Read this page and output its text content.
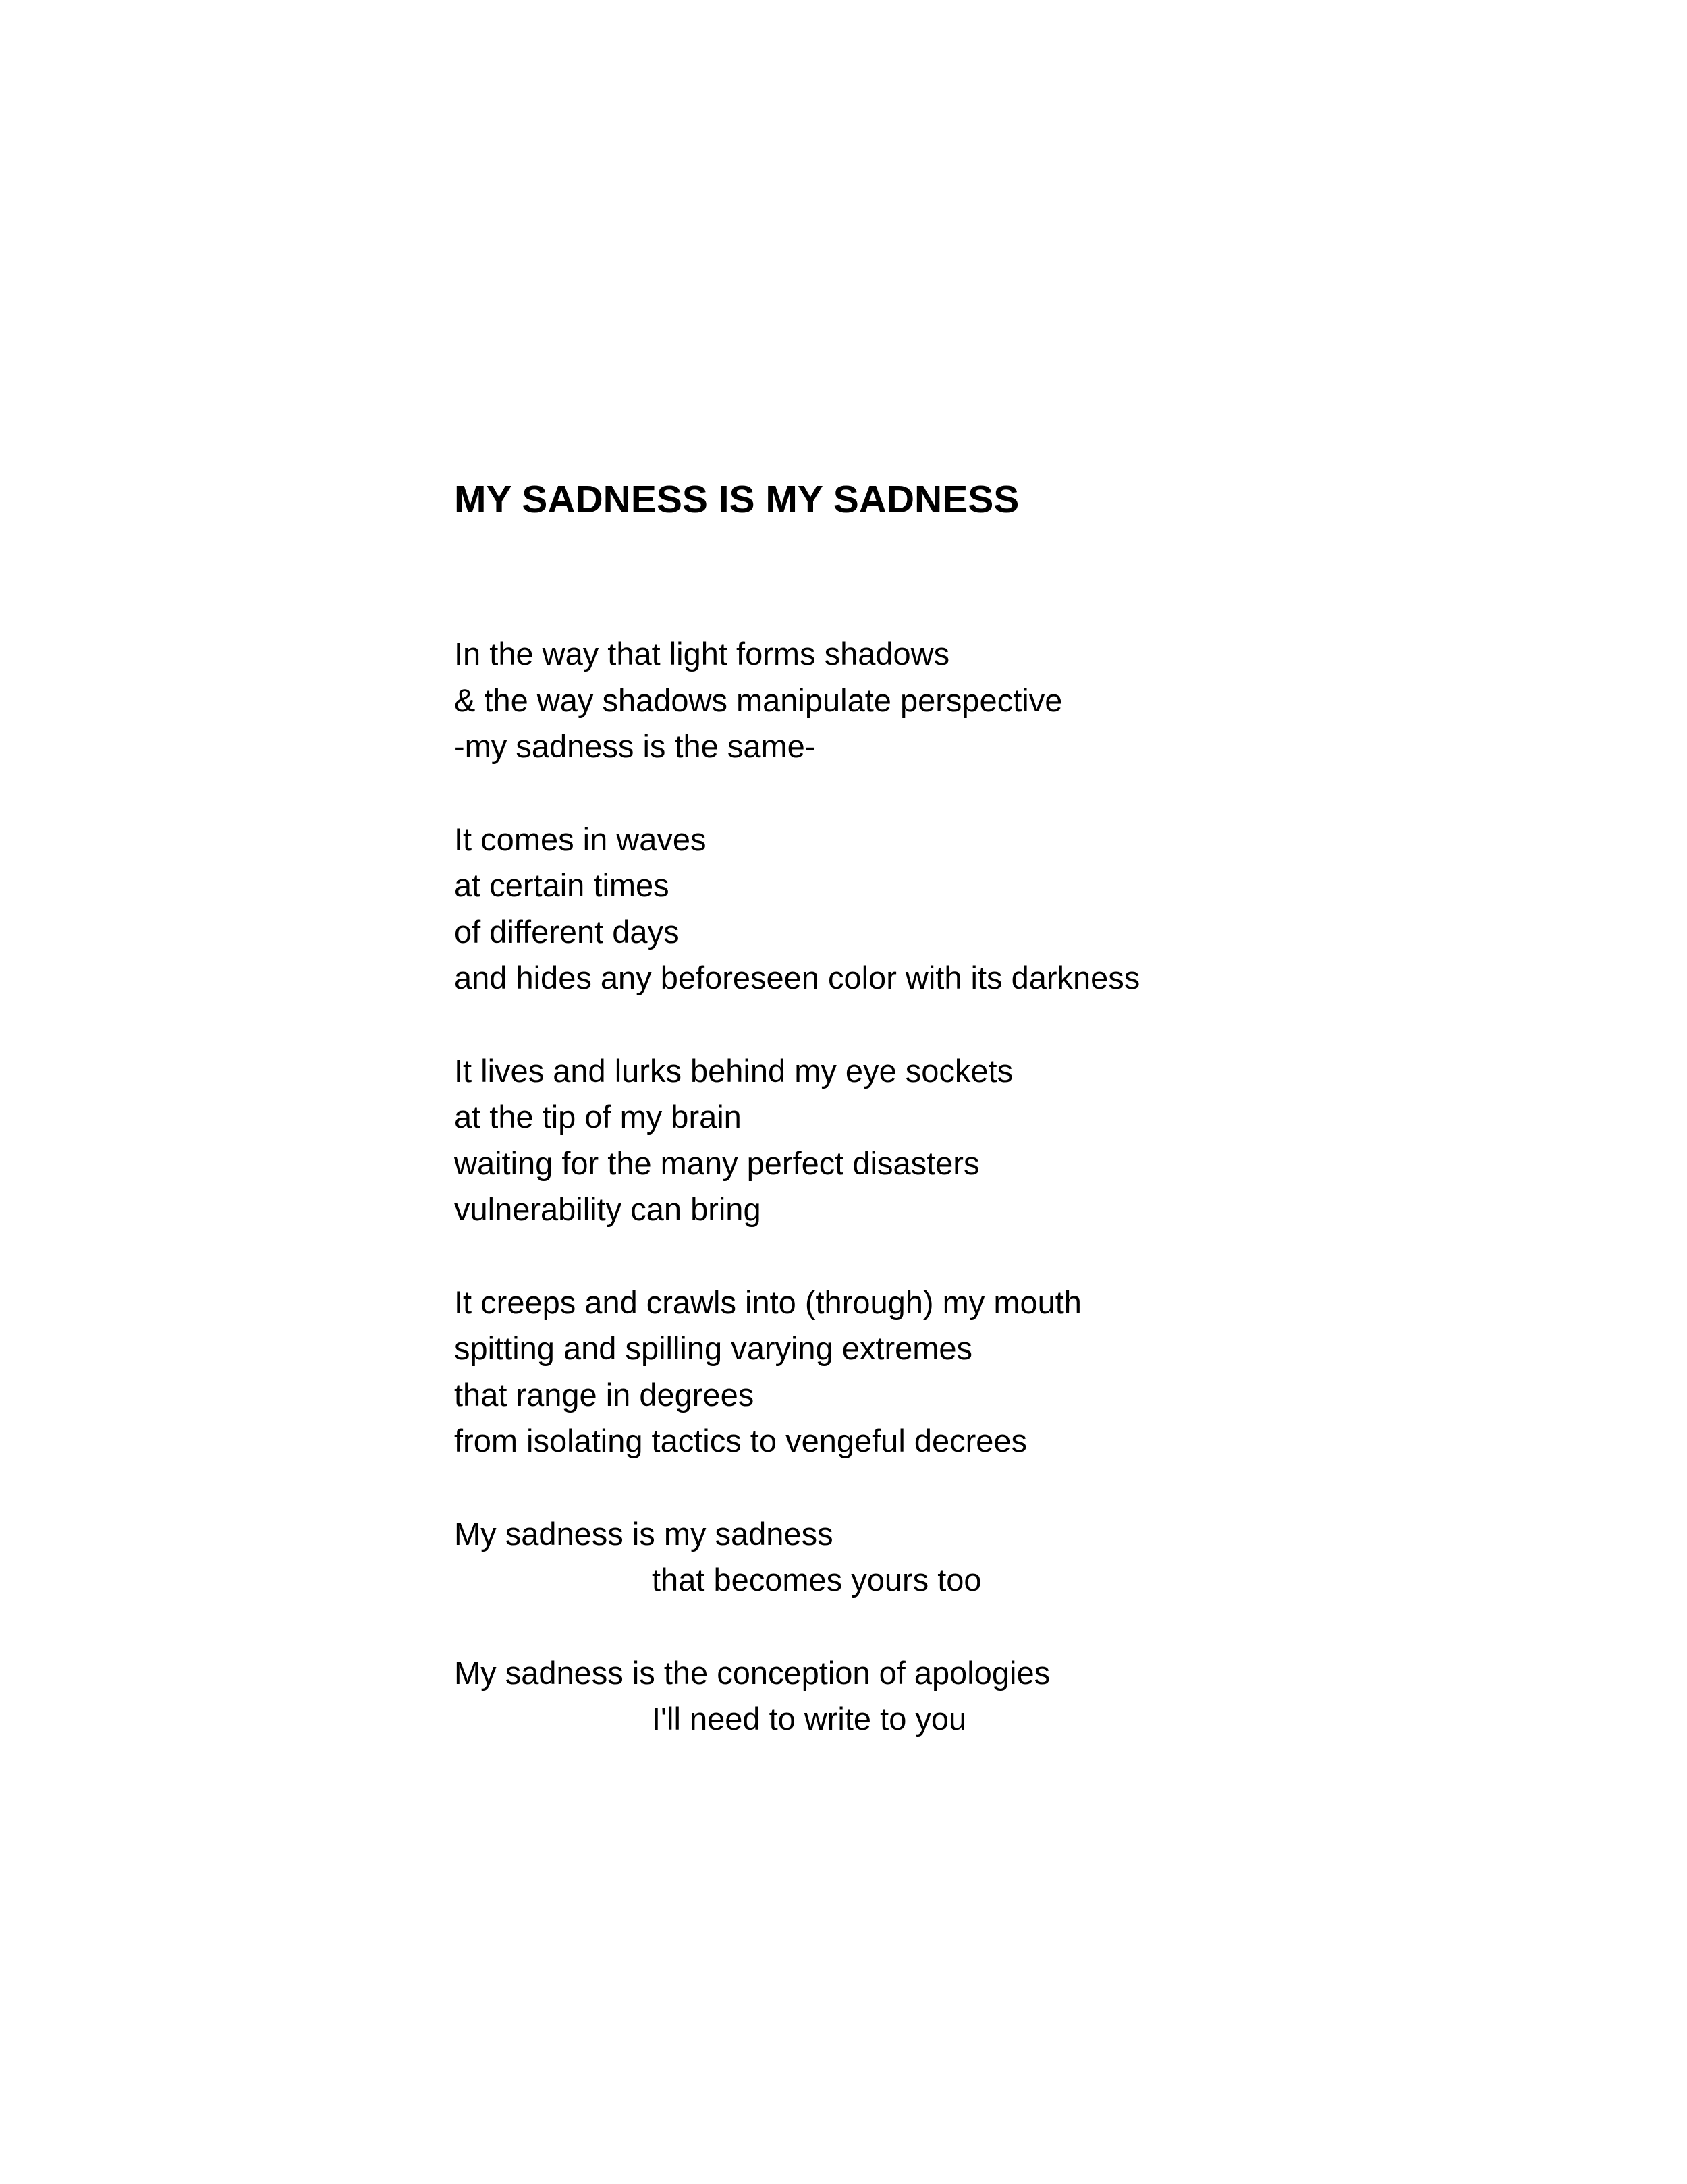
MY SADNESS IS MY SADNESS
In the way that light forms shadows
& the way shadows manipulate perspective
-my sadness is the same-
It comes in waves
at certain times
of different days
and hides any beforeseen color with its darkness
It lives and lurks behind my eye sockets
at the tip of my brain
waiting for the many perfect disasters
vulnerability can bring
It creeps and crawls into (through) my mouth
spitting and spilling varying extremes
that range in degrees
from isolating tactics to vengeful decrees
My sadness is my sadness
that becomes yours too
My sadness is the conception of apologies
I'll need to write to you
